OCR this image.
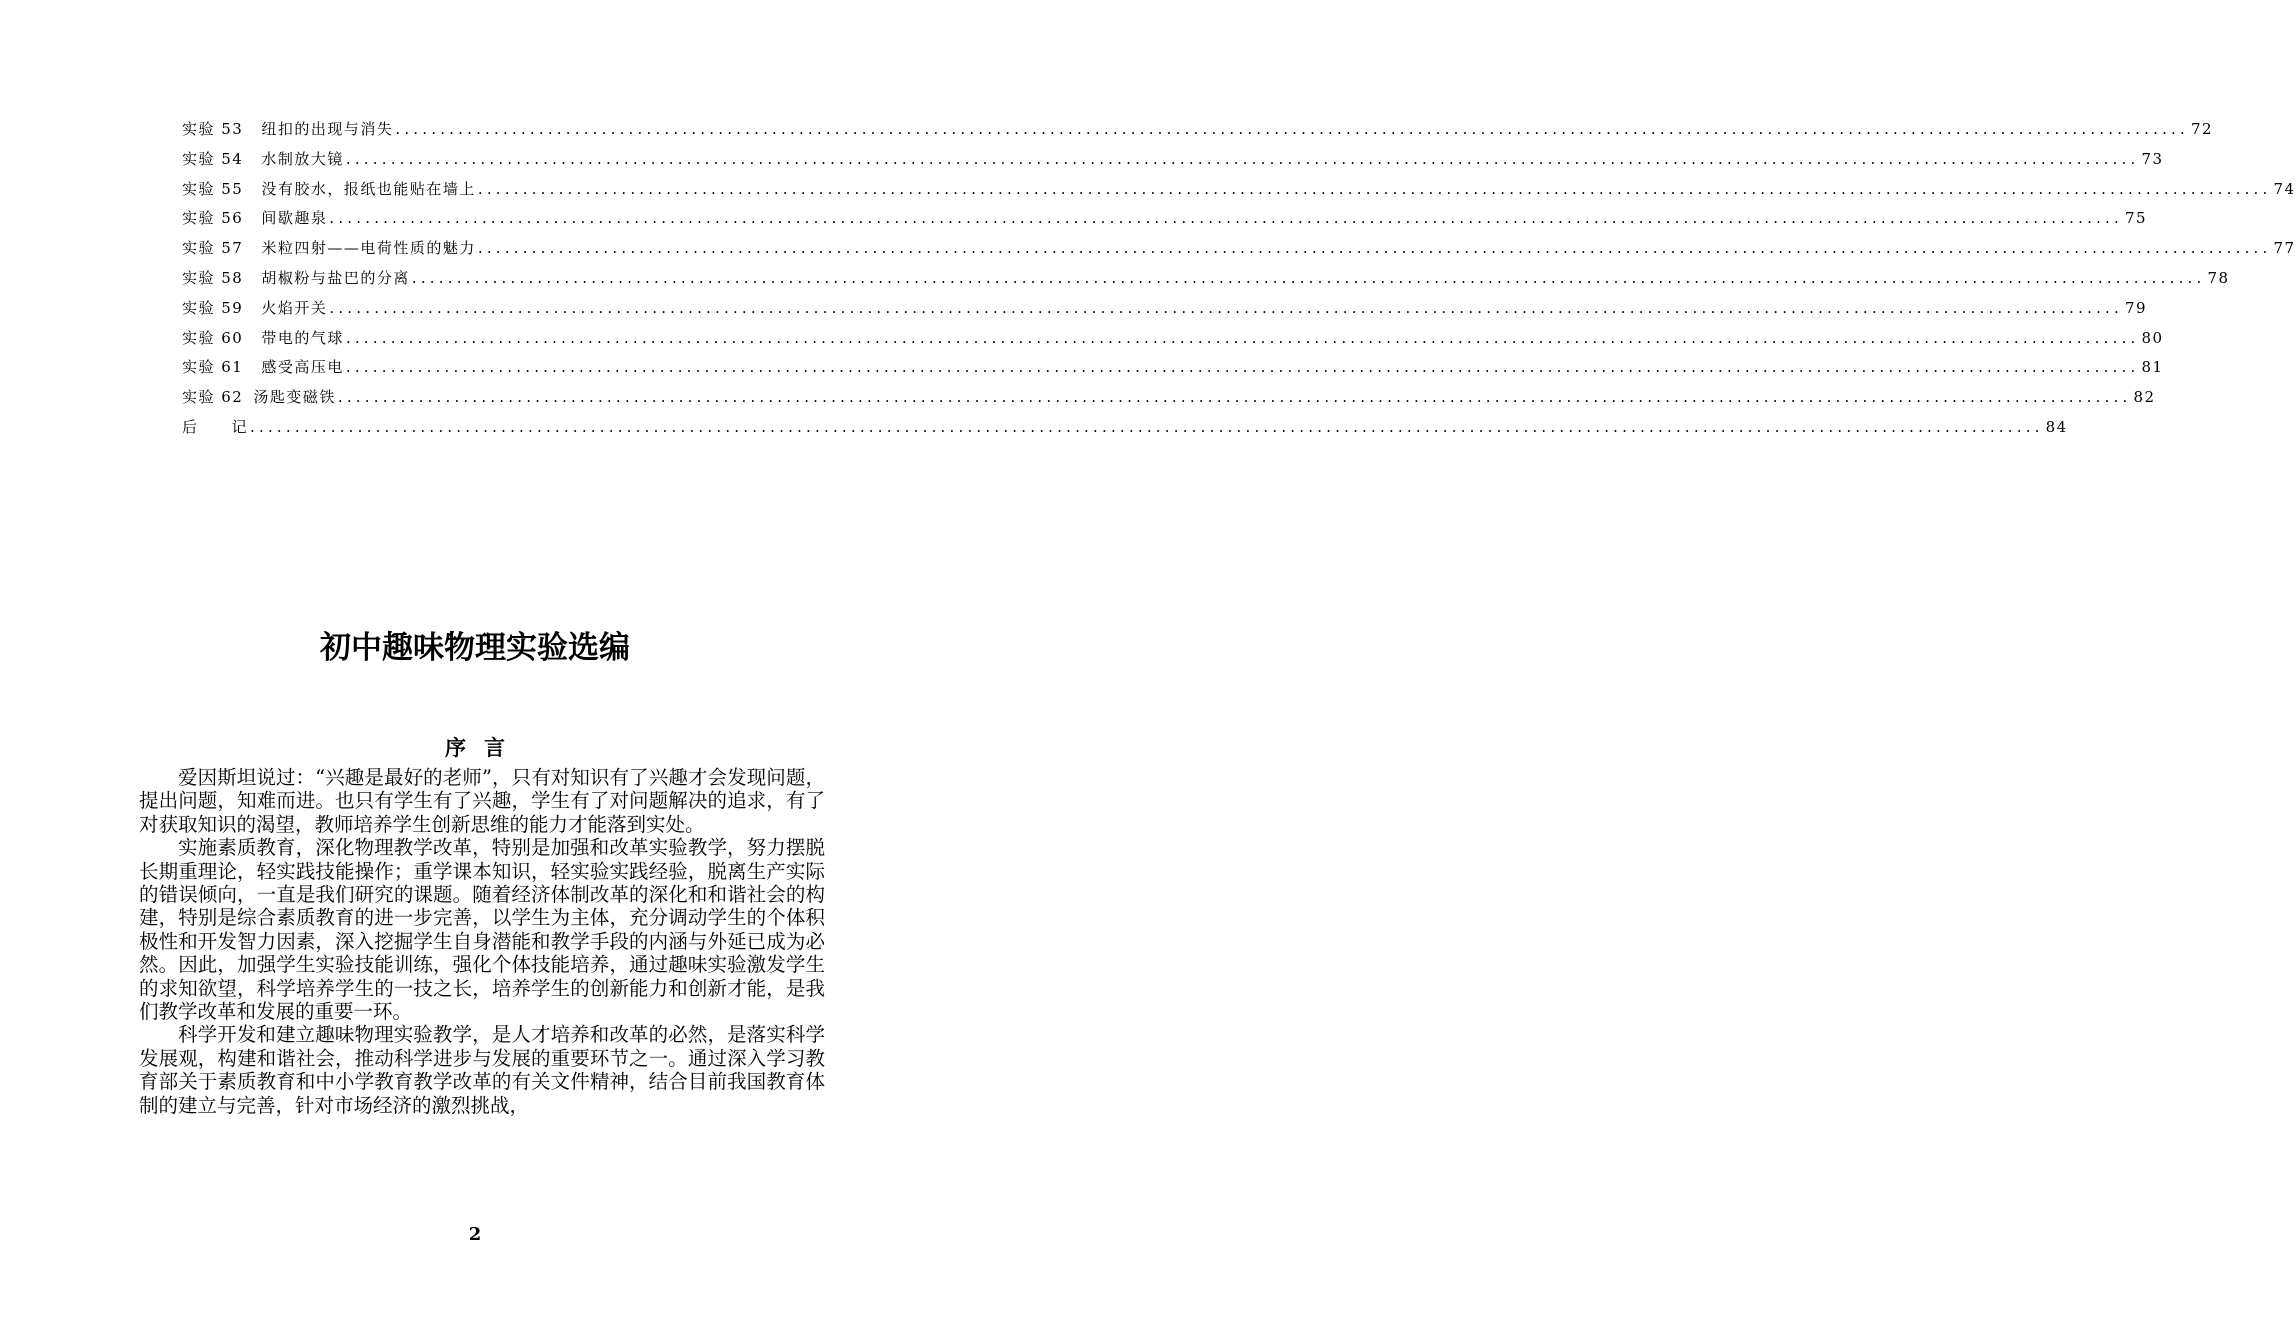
实验 53 纽扣的出现与消失 ........................................................................................................................................................................................................ 72
实验 54 水制放大镜 ........................................................................................................................................................................................................ 73
实验 55 没有胶水，报纸也能贴在墙上 ........................................................................................................................................................................................................ 74
实验 56 间歇趣泉 ........................................................................................................................................................................................................ 75
实验 57 米粒四射——电荷性质的魅力 ........................................................................................................................................................................................................ 77
实验 58 胡椒粉与盐巴的分离 ........................................................................................................................................................................................................ 78
实验 59 火焰开关 ........................................................................................................................................................................................................ 79
实验 60 带电的气球 ........................................................................................................................................................................................................ 80
实验 61 感受高压电 ........................................................................................................................................................................................................ 81
实验 62 汤匙变磁铁 ........................................................................................................................................................................................................ 82
后　　记 ........................................................................................................................................................................................................ 84
初中趣味物理实验选编
序言

爱因斯坦说过：“兴趣是最好的老师”，只有对知识有了兴趣才会发现问题，提出问题，知难而进。也只有学生有了兴趣，学生有了对问题解决的追求，有了对获取知识的渴望，教师培养学生创新思维的能力才能落到实处。

实施素质教育，深化物理教学改革，特别是加强和改革实验教学，努力摆脱长期重理论，轻实践技能操作；重学课本知识，轻实验实践经验，脱离生产实际的错误倾向，一直是我们研究的课题。随着经济体制改革的深化和和谐社会的构建，特别是综合素质教育的进一步完善，以学生为主体，充分调动学生的个体积极性和开发智力因素，深入挖掘学生自身潜能和教学手段的内涵与外延已成为必然。因此，加强学生实验技能训练，强化个体技能培养，通过趣味实验激发学生的求知欲望，科学培养学生的一技之长，培养学生的创新能力和创新才能，是我们教学改革和发展的重要一环。

科学开发和建立趣味物理实验教学，是人才培养和改革的必然，是落实科学发展观，构建和谐社会，推动科学进步与发展的重要环节之一。通过深入学习教育部关于素质教育和中小学教育教学改革的有关文件精神，结合目前我国教育体制的建立与完善，针对市场经济的激烈挑战，

2
